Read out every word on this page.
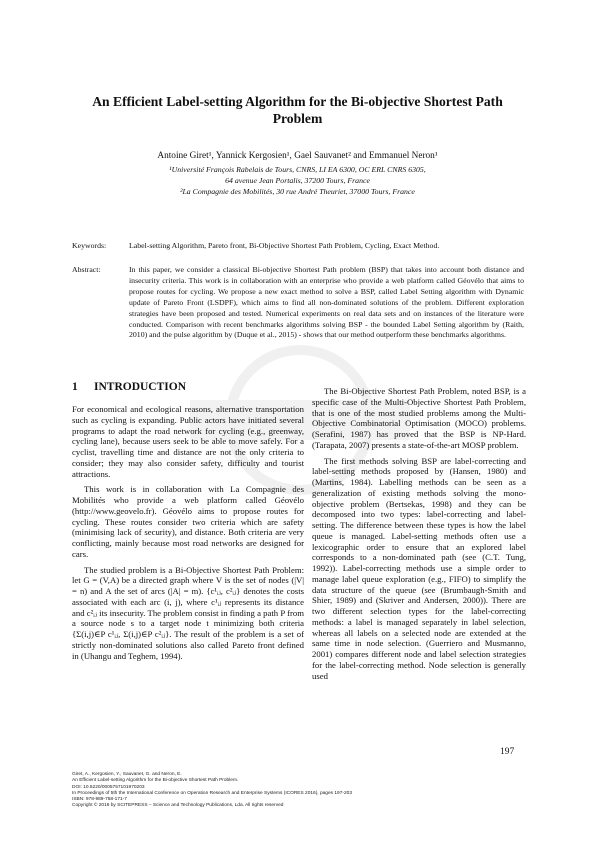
An Efficient Label-setting Algorithm for the Bi-objective Shortest Path
Problem
Antoine Giret¹, Yannick Kergosien¹, Gael Sauvanet² and Emmanuel Neron¹
¹Université François Rabelais de Tours, CNRS, LI EA 6300, OC ERL CNRS 6305,
64 avenue Jean Portalis, 37200 Tours, France
²La Compagnie des Mobilités, 30 rue André Theuriet, 37000 Tours, France
Keywords:	Label-setting Algorithm, Pareto front, Bi-Objective Shortest Path Problem, Cycling, Exact Method.
Abstract:	In this paper, we consider a classical Bi-objective Shortest Path problem (BSP) that takes into account both distance and insecurity criteria. This work is in collaboration with an enterprise who provide a web platform called Géovélo that aims to propose routes for cycling. We propose a new exact method to solve a BSP, called Label Setting algorithm with Dynamic update of Pareto Front (LSDPF), which aims to find all non-dominated solutions of the problem. Different exploration strategies have been proposed and tested. Numerical experiments on real data sets and on instances of the literature were conducted. Comparison with recent benchmarks algorithms solving BSP - the bounded Label Setting algorithm by (Raith, 2010) and the pulse algorithm by (Duque et al., 2015) - shows that our method outperform these benchmarks algorithms.
1 INTRODUCTION

For economical and ecological reasons, alternative transportation such as cycling is expanding. Public actors have initiated several programs to adapt the road network for cycling (e.g., greenway, cycling lane), because users seek to be able to move safely. For a cyclist, travelling time and distance are not the only criteria to consider; they may also consider safety, difficulty and tourist attractions.

This work is in collaboration with La Compagnie des Mobilités who provide a web platform called Géovélo (http://www.geovelo.fr). Géovélo aims to propose routes for cycling. These routes consider two criteria which are safety (minimising lack of security), and distance. Both criteria are very conflicting, mainly because most road networks are designed for cars.

The studied problem is a Bi-Objective Shortest Path Problem: let G = (V,A) be a directed graph where V is the set of nodes (|V| = n) and A the set of arcs (|A| = m). {c¹ᵢⱼ, c²ᵢⱼ} denotes the costs associated with each arc (i, j), where c¹ᵢⱼ represents its distance and c²ᵢⱼ its insecurity. The problem consist in finding a path P from a source node s to a target node t minimizing both criteria {Σ(i,j)∈P c¹ᵢⱼ, Σ(i,j)∈P c²ᵢⱼ}. The result of the problem is a set of strictly non-dominated solutions also called Pareto front defined in (Uhangu and Teghem, 1994).

The Bi-Objective Shortest Path Problem, noted BSP, is a specific case of the Multi-Objective Shortest Path Problem, that is one of the most studied problems among the Multi-Objective Combinatorial Optimisation (MOCO) problems. (Serafini, 1987) has proved that the BSP is NP-Hard. (Tarapata, 2007) presents a state-of-the-art MOSP problem.

The first methods solving BSP are label-correcting and label-setting methods proposed by (Hansen, 1980) and (Martins, 1984). Labelling methods can be seen as a generalization of existing methods solving the mono-objective problem (Bertsekas, 1998) and they can be decomposed into two types: label-correcting and label-setting. The difference between these types is how the label queue is managed. Label-setting methods often use a lexicographic order to ensure that an explored label corresponds to a non-dominated path (see (C.T. Tung, 1992)). Label-correcting methods use a simple order to manage label queue exploration (e.g., FIFO) to simplify the data structure of the queue (see (Brumbaugh-Smith and Shier, 1989) and (Skriver and Andersen, 2000)). There are two different selection types for the label-correcting methods: a label is managed separately in label selection, whereas all labels on a selected node are extended at the same time in node selection. (Guerriero and Musmanno, 2001) compares different node and label selection strategies for the label-correcting method. Node selection is generally used

197
Giret, A., Kergosien, Y., Sauvanet, G. and Neron, E.
An Efficient Label-setting Algorithm for the Bi-objective Shortest Path Problem.
DOI: 10.5220/0005757101970203
In Proceedings of 5th the International Conference on Operation Research and Enterprise Systems (ICORES 2016), pages 197-203
ISBN: 978-989-758-171-7
Copyright © 2016 by SCITEPRESS – Science and Technology Publications, Lda. All rights reserved
